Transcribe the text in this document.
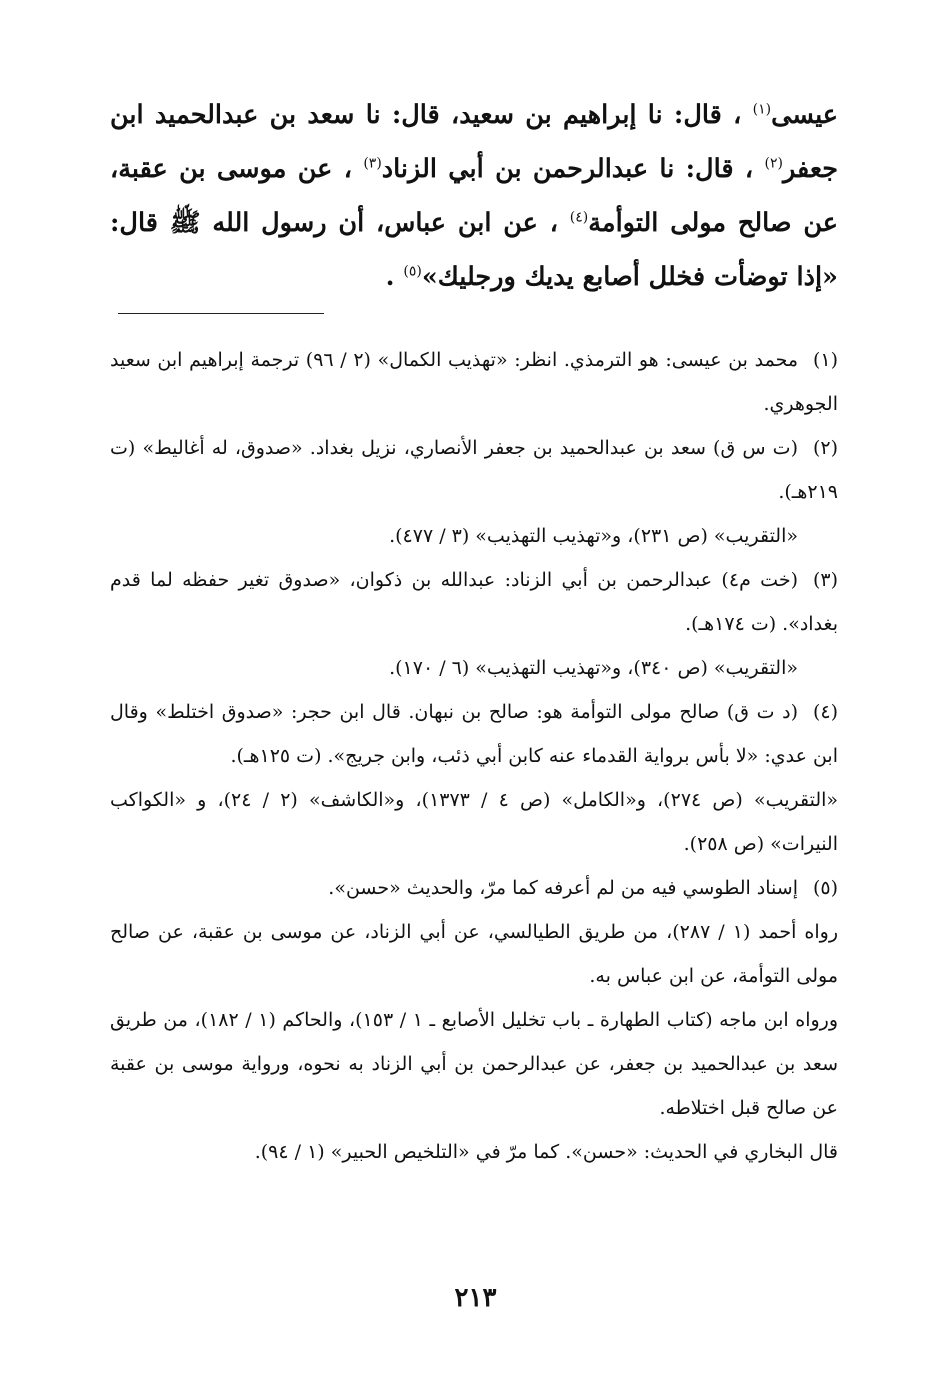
عيسى$^{(١)}$ ، قال: نا إبراهيم بن سعيد، قال: نا سعد بن عبدالحميد ابن جعفر$^{(٢)}$ ، قال: نا عبدالرحمن بن أبي الزناد$^{(٣)}$ ، عن موسى بن عقبة، عن صالح مولى التوأمة$^{(٤)}$ ، عن ابن عباس، أن رسول الله ﷺ قال: «إذا توضأت فخلل أصابع يديك ورجليك»$^{(٥)}$ .

(١)محمد بن عيسى: هو الترمذي. انظر: «تهذيب الكمال» (٢ / ٩٦) ترجمة إبراهيم ابن سعيد الجوهري.

(٢)(ت س ق) سعد بن عبدالحميد بن جعفر الأنصاري، نزيل بغداد. «صدوق، له أغاليط» (ت ٢١٩هـ).

«التقريب» (ص ٢٣١)، و«تهذيب التهذيب» (٣ / ٤٧٧).

(٣)(خت م٤) عبدالرحمن بن أبي الزناد: عبدالله بن ذكوان، «صدوق تغير حفظه لما قدم بغداد». (ت ١٧٤هـ).

«التقريب» (ص ٣٤٠)، و«تهذيب التهذيب» (٦ / ١٧٠).

(٤)(د ت ق) صالح مولى التوأمة هو: صالح بن نبهان. قال ابن حجر: «صدوق اختلط» وقال ابن عدي: «لا بأس برواية القدماء عنه كابن أبي ذئب، وابن جريج». (ت ١٢٥هـ).

«التقريب» (ص ٢٧٤)، و«الكامل» (ص ٤ / ١٣٧٣)، و«الكاشف» (٢ / ٢٤)، و «الكواكب النيرات» (ص ٢٥٨).

(٥)إسناد الطوسي فيه من لم أعرفه كما مرّ، والحديث «حسن».

رواه أحمد (١ / ٢٨٧)، من طريق الطيالسي، عن أبي الزناد، عن موسى بن عقبة، عن صالح مولى التوأمة، عن ابن عباس به.

ورواه ابن ماجه (كتاب الطهارة ـ باب تخليل الأصابع ـ ١ / ١٥٣)، والحاكم (١ / ١٨٢)، من طريق سعد بن عبدالحميد بن جعفر، عن عبدالرحمن بن أبي الزناد به نحوه، ورواية موسى بن عقبة عن صالح قبل اختلاطه.

قال البخاري في الحديث: «حسن». كما مرّ في «التلخيص الحبير» (١ / ٩٤).

٢١٣
